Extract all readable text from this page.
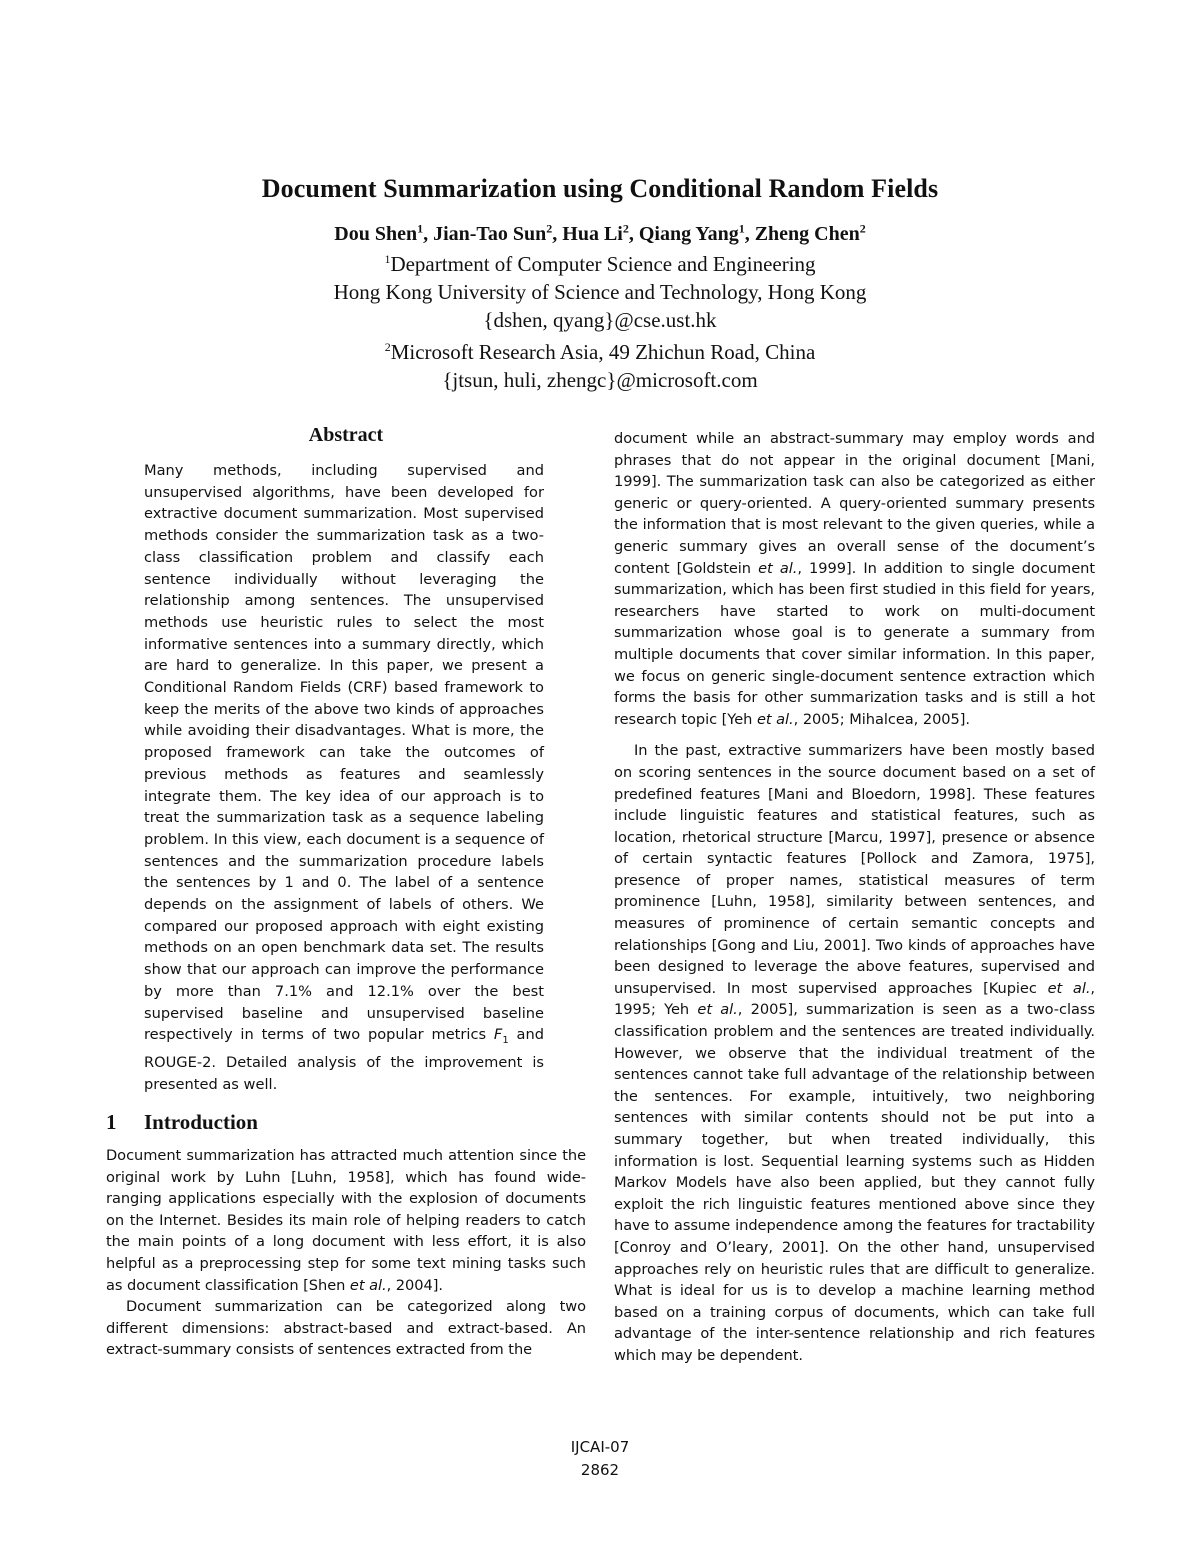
Document Summarization using Conditional Random Fields
Dou Shen$^1$, Jian-Tao Sun$^2$, Hua Li$^2$, Qiang Yang$^1$, Zheng Chen$^2$
$^1$Department of Computer Science and Engineering
Hong Kong University of Science and Technology, Hong Kong
{dshen, qyang}@cse.ust.hk
$^2$Microsoft Research Asia, 49 Zhichun Road, China
{jtsun, huli, zhengc}@microsoft.com
Abstract
Many methods, including supervised and unsupervised algorithms, have been developed for extractive document summarization. Most supervised methods consider the summarization task as a two-class classification problem and classify each sentence individually without leveraging the relationship among sentences. The unsupervised methods use heuristic rules to select the most informative sentences into a summary directly, which are hard to generalize. In this paper, we present a Conditional Random Fields (CRF) based framework to keep the merits of the above two kinds of approaches while avoiding their disadvantages. What is more, the proposed framework can take the outcomes of previous methods as features and seamlessly integrate them. The key idea of our approach is to treat the summarization task as a sequence labeling problem. In this view, each document is a sequence of sentences and the summarization procedure labels the sentences by 1 and 0. The label of a sentence depends on the assignment of labels of others. We compared our proposed approach with eight existing methods on an open benchmark data set. The results show that our approach can improve the performance by more than 7.1% and 12.1% over the best supervised baseline and unsupervised baseline respectively in terms of two popular metrics $F_1$ and ROUGE-2. Detailed analysis of the improvement is presented as well.
1 Introduction

Document summarization has attracted much attention since the original work by Luhn [Luhn, 1958], which has found wide-ranging applications especially with the explosion of documents on the Internet. Besides its main role of helping readers to catch the main points of a long document with less effort, it is also helpful as a preprocessing step for some text mining tasks such as document classification [Shen et al., 2004].

Document summarization can be categorized along two different dimensions: abstract-based and extract-based. An extract-summary consists of sentences extracted from the

document while an abstract-summary may employ words and phrases that do not appear in the original document [Mani, 1999]. The summarization task can also be categorized as either generic or query-oriented. A query-oriented summary presents the information that is most relevant to the given queries, while a generic summary gives an overall sense of the document’s content [Goldstein et al., 1999]. In addition to single document summarization, which has been first studied in this field for years, researchers have started to work on multi-document summarization whose goal is to generate a summary from multiple documents that cover similar information. In this paper, we focus on generic single-document sentence extraction which forms the basis for other summarization tasks and is still a hot research topic [Yeh et al., 2005; Mihalcea, 2005].

In the past, extractive summarizers have been mostly based on scoring sentences in the source document based on a set of predefined features [Mani and Bloedorn, 1998]. These features include linguistic features and statistical features, such as location, rhetorical structure [Marcu, 1997], presence or absence of certain syntactic features [Pollock and Zamora, 1975], presence of proper names, statistical measures of term prominence [Luhn, 1958], similarity between sentences, and measures of prominence of certain semantic concepts and relationships [Gong and Liu, 2001]. Two kinds of approaches have been designed to leverage the above features, supervised and unsupervised. In most supervised approaches [Kupiec et al., 1995; Yeh et al., 2005], summarization is seen as a two-class classification problem and the sentences are treated individually. However, we observe that the individual treatment of the sentences cannot take full advantage of the relationship between the sentences. For example, intuitively, two neighboring sentences with similar contents should not be put into a summary together, but when treated individually, this information is lost. Sequential learning systems such as Hidden Markov Models have also been applied, but they cannot fully exploit the rich linguistic features mentioned above since they have to assume independence among the features for tractability [Conroy and O’leary, 2001]. On the other hand, unsupervised approaches rely on heuristic rules that are difficult to generalize. What is ideal for us is to develop a machine learning method based on a training corpus of documents, which can take full advantage of the inter-sentence relationship and rich features which may be dependent.

IJCAI-07
2862
